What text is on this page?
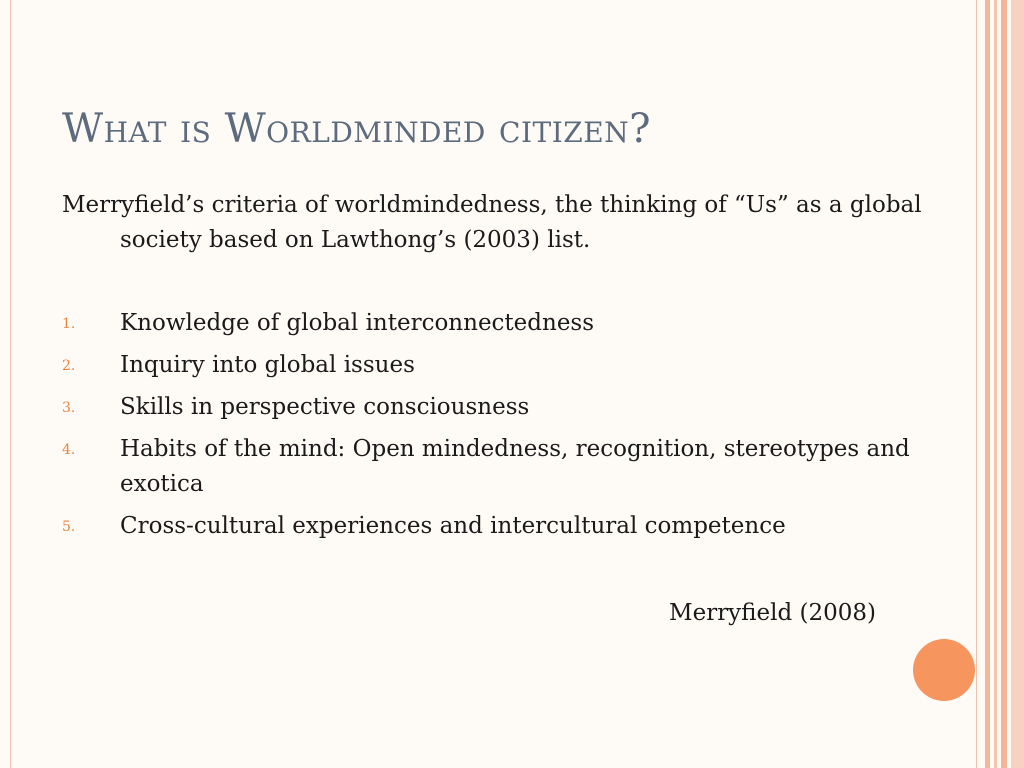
What is Worldminded citizen?

Merryfield’s criteria of worldmindedness, the thinking of “Us” as a global society based on Lawthong’s (2003) list.

1. Knowledge of global interconnectedness
2. Inquiry into global issues
3. Skills in perspective consciousness
4. Habits of the mind: Open mindedness, recognition, stereotypes and exotica
5. Cross-cultural experiences and intercultural competence

Merryfield (2008)
